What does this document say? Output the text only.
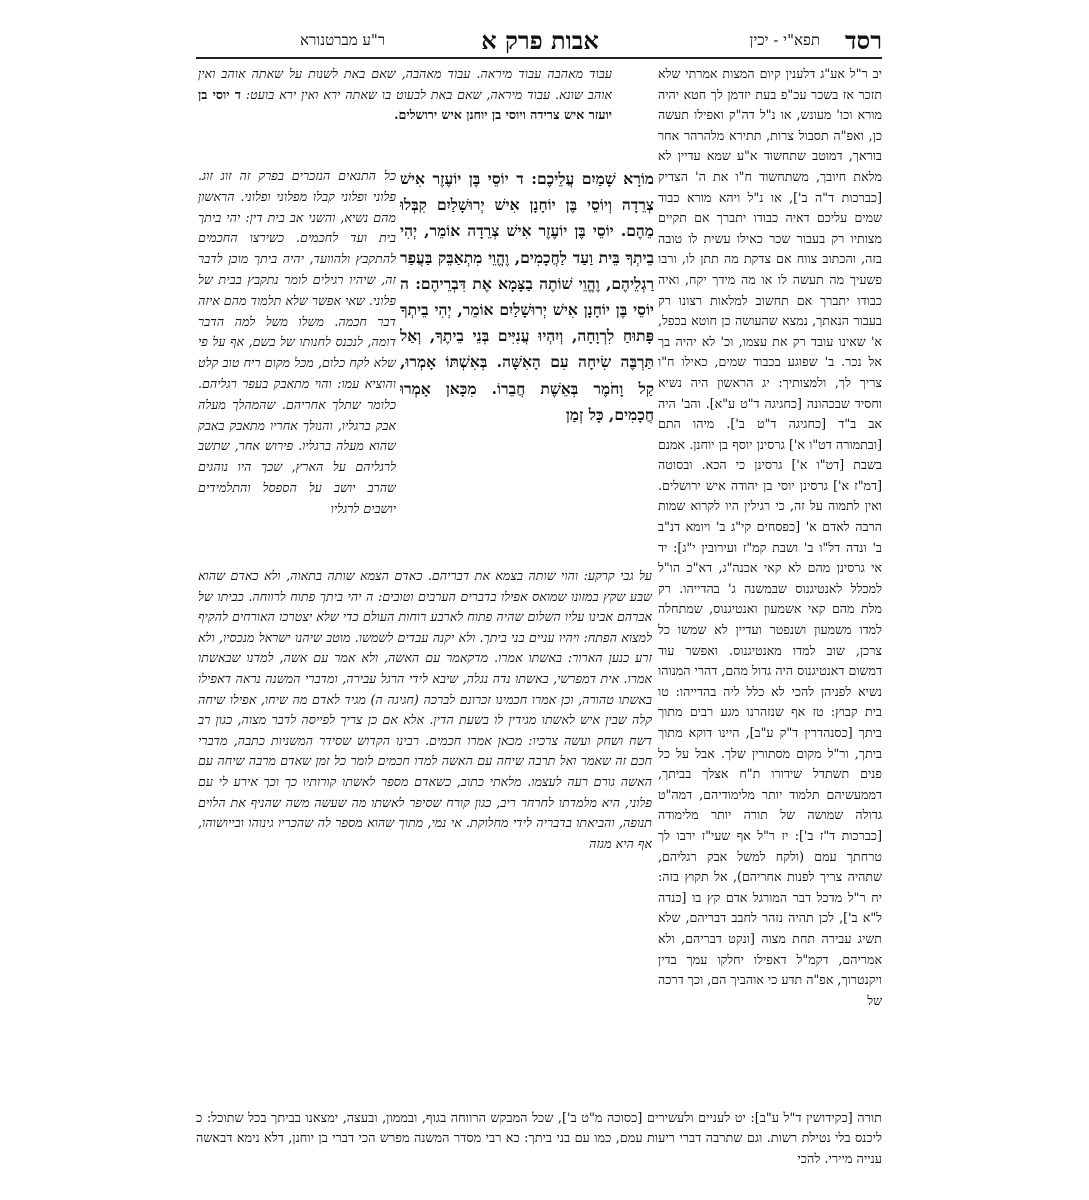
רסד
תפא"י - יכין
אבות פרק א
ר"ע מברטנורא

יב ר"ל אע"ג דלענין קיום המצות אמרתי שלא תזכר אז בשכר עכ"פ בעת יזדמן לך חטא יהיה מורא וכו' מעונש, או נ"ל דה"ק ואפילו תעשה כן, ואפ"ה תסבול צרות, תתירא מלהרהר אחר בוראך, דמוטב שתחשוד א"ע שמא עדיין לא מלאת חיובך, משתחשוד ח"ו את ה' הצדיק [כברכות ד"ה ב'], או נ"ל ויהא מורא כבוד שמים עליכם דאיה כבודו יתברך אם תקיים מצותיו רק בעבור שכר כאילו עשית לו טובה בזה, והכתוב צווח אם צדקת מה תתן לו, ורבו פשעיך מה תעשה לו או מה מידך יקח, ואיה כבודו יתברך אם תחשוב למלאות רצונו רק בעבור הנאתך, נמצא שהעושה כן חוטא בכפל, א' שאינו עובד רק את עצמו, וכ' לא יהיה בך אל נכר. ב' שפוגע בכבוד שמים, כאילו ח"ו צריך לך, ולמצותיך: יג הראשון היה נשיא וחסיד שבכהונה [כחגיגה ד"ט ע"א]. והב' היה אב ב"ד [כחגיגה ד"ט ב']. מיהו התם [ובתמורה דט"ו א'] גרסינן יוסף בן יוחנן. אמנם בשבת [דט"ו א'] גרסינן כי הכא. ובסוטה [דמ"ז א'] גרסינן יוסי בן יהודה איש ירושלים. ואין לתמוה על זה, כי רגילין היו לקרוא שמות הרבה לאדם א' [כפסחים קי"ג ב' ויומא דנ"ב ב' ונדה דל"ו ב' ושבת קמ"ז ועירובין י"ג]: יד אי גרסינן מהם לא קאי אכנה"ג, דא"כ הו"ל למכלל לאנטיגנוס שבמשנה ג' בהדייהו. רק מלת מהם קאי אשמעון ואנטיגנוס, שמתחלה למדו משמעון ושנפטר ועדיין לא שמשו כל צרכן, שוב למדו מאנטיגנוס. ואפשר עוד דמשום דאנטיגנוס היה גדול מהם, דהרי המנוהו נשיא לפניהן להכי לא כלל ליה בהדייהו: טו בית קבוץ: טז אף שנזהרנו מגע רבים מתוך ביתך [כסנהדרין ד"ק ע"ב], היינו דוקא מתוך ביתך, ור"ל מקום מסתורין שלך. אבל על כל פנים תשתדל שידורו ת"ח אצלך בביתך, דממעשיהם תלמוד יותר מלימודיהם, דמה"ט גדולה שמושה של תורה יותר מלימודה [כברכות ד"ז ב']: יז ר"ל אף שעי"ז ירבו לך טרחתך עמם (ולקח למשל אבק רגליהם, שתהיה צריך לפנות אחריהם), אל תקוץ בזה: יח ר"ל מדכל דבר המורגל אדם קץ בו [כנדה ל"א ב'], לכן תהיה נזהר לחבב דבריהם, שלא תשיג עבירה תחת מצוה [ונקט דבריהם, ולא אמריהם, דקמ"ל דאפילו יחלקו עמך בדין ויקנטרוך, אפ"ה תדע כי אוהביך הם, וכך דרכה של

עבוד מאהבה עבוד מיראה. עבוד מאהבה, שאם באת לשנות על שאתה אוהב ואין אוהב שונא. עבוד מיראה, שאם באת לבעוט בו שאתה ירא ואין ירא בועט: ד יוסי בן יועזר איש צרידה ויוסי בן יוחנן איש ירושלים.

מוֹרָא שָׁמַיִם עֲלֵיכֶם: ד יוֹסֵי בֶּן יוֹעֶזֶר אִישׁ צְרֵדָה וְיוֹסֵי בֶּן יוֹחָנָן אִישׁ יְרוּשָׁלַיִם קִבְּלוּ מֵהֶם. יוֹסֵי בֶּן יוֹעֶזֶר אִישׁ צְרֵדָה אוֹמֵר, יְהִי בֵיתְךָ בֵּית וַעַד לַחֲכָמִים, וֶהֱוֵי מִתְאַבֵּק בַּעֲפַר רַגְלֵיהֶם, וֶהֱוֵי שׁוֹתֶה בַצָּמָא אֶת דִּבְרֵיהֶם: ה יוֹסֵי בֶּן יוֹחָנָן אִישׁ יְרוּשָׁלַיִם אוֹמֵר, יְהִי בֵיתְךָ פָּתוּחַ לִרְוָחָה, וְיִהְיוּ עֲנִיִּים בְּנֵי בֵיתֶךָ, וְאַל תַּרְבֶּה שִׂיחָה עִם הָאִשָּׁה. בְּאִשְׁתּוֹ אָמְרוּ, קַל וָחֹמֶר בְּאֵשֶׁת חֲבֵרוֹ. מִכָּאן אָמְרוּ חֲכָמִים, כָּל זְמַן

כל התנאים הנזכרים בפרק זה זוג זוג. פלוני ופלוני קבלו מפלוני ופלוני. הראשון מהם נשיא, והשני אב בית דין: יהי ביתך בית ועד לחכמים. כשירצו החכמים להתקבץ ולהוועד, יהיה ביתך מוכן לדבר זה, שיהיו רגילים לומר נתקבץ בבית של פלוני. שאי אפשר שלא תלמוד מהם איזה דבר חכמה. משלו משל למה הדבר דומה, לנכנס לחנותו של בשם, אף על פי שלא לקח כלום, מכל מקום ריח טוב קלט והוציא עמו: והוי מתאבק בעפר רגליהם. כלומר שתלך אחריהם. שהמהלך מעלה אבק ברגליו, והנולך אחריו מתאבק באבק שהוא מעלה ברגליו. פירוש אחר, שתשב לרגליהם על הארץ, שכך היו נוהגים שהרב יושב על הספסל והתלמידים יושבים לרגליו

על גבי קרקע: והוי שותה בצמא את דבריהם. כאדם הצמא שותה בתאוה, ולא כאדם שהוא שבע שקץ במזונו שמואס אפילו בדברים הערבים וטובים: ה יהי ביתך פתוח לרווחה. כביתו של אברהם אבינו עליו השלום שהיה פתוח לארבע רוחות העולם כדי שלא יצטרכו האורחים להקיף למצוא הפתח: ויהיו עניים בני ביתך. ולא יקנה עבדים לשמשו. מוטב שיהנו ישראל מנכסיו, ולא זרע כנען הארור: באשתו אמרו. מדקאמר עם האשה, ולא אמר עם אשה, למדנו שבאשתו אמרו. אית דמפרשי, באשתו נדה נגלה, שיבא לידי הרגל עבירה, ומדברי המשנה נראה דאפילו באשתו טהורה, וכן אמרו חכמינו זכרונם לברכה (חגיגה ה) מגיד לאדם מה שיחו, אפילו שיחה קלה שבין איש לאשתו מגידין לו בשעת הדין. אלא אם כן צריך לפייסה לדבר מצוה, כגון רב דשח ושחק ועשה צרכיו: מכאן אמרו חכמים. רבינו הקדוש שסידר המשניות כתבה, מדברי חכם זה שאמר ואל תרבה שיחה עם האשה למדו חכמים לומר כל זמן שאדם מרבה שיחה עם האשה גורם רעה לעצמו. מלאתי כתוב, כשאדם מספר לאשתו קורותיו כך וכך אירע לי עם פלוני, היא מלמדתו לחרחר ריב, כגון קורח שסיפר לאשתו מה שעשה משה שהניף את הלוים תנופה, והביאתו בדבריה לידי מחלוקת. אי נמי, מתוך שהוא מספר לה שהכריו גינוהו ובייושוהו, אף היא מגזה

תורה [כקידושין ד"ל ע"ב]: יט לעניים ולעשירים [כסוכה מ"ט ב'], שכל המבקש הרווחה בגוף, ובממון, ובעצה, ימצאנו בביתך בכל שתוכל: כ ליכנס בלי נטילת רשות. וגם שתרבה דברי ריעות עמם, כמו עם בני ביתך: כא רבי מסדר המשנה מפרש הכי דברי בן יוחנן, דלא נימא דבאשה ענייה מיירי. להכי
